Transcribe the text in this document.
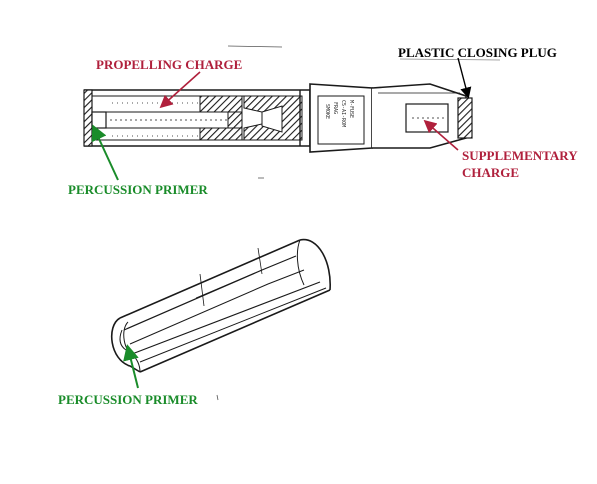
SMOKE FRAG C5-AI-ROM M-FUSE
PROPELLING CHARGE
PLASTIC CLOSING PLUG
SUPPLEMENTARY
CHARGE
PERCUSSION PRIMER
PERCUSSION PRIMER
